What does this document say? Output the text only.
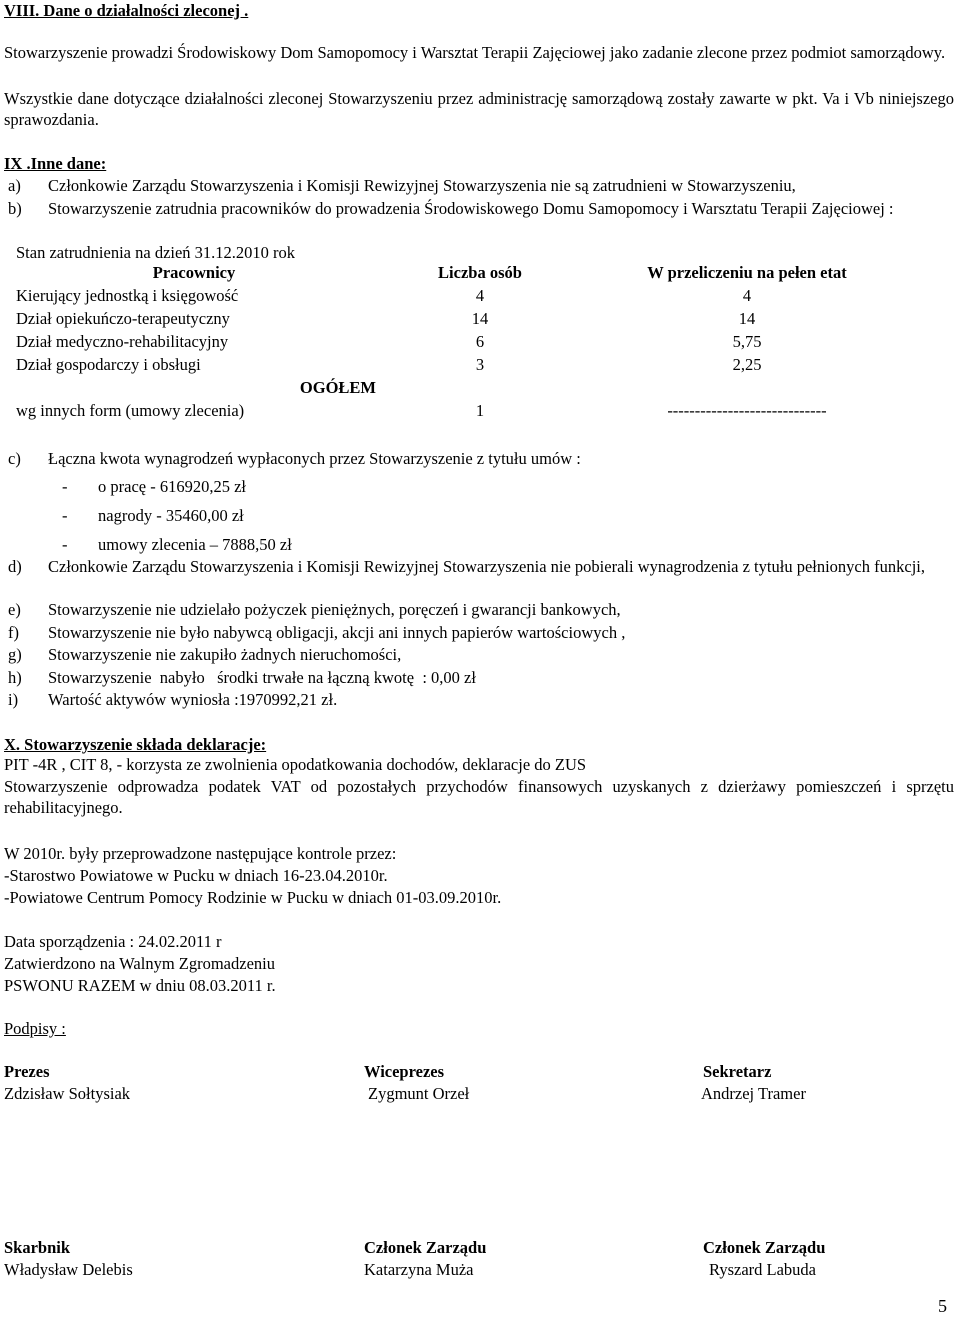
VIII. Dane o działalności zleconej .
Stowarzyszenie prowadzi Środowiskowy Dom Samopomocy i Warsztat Terapii Zajęciowej jako zadanie zlecone przez podmiot samorządowy.
Wszystkie dane dotyczące działalności zleconej Stowarzyszeniu przez administrację samorządową zostały zawarte w pkt. Va i Vb niniejszego sprawozdania.
IX .Inne dane:
a)	Członkowie Zarządu Stowarzyszenia i Komisji Rewizyjnej Stowarzyszenia nie są zatrudnieni w Stowarzyszeniu,
b)	Stowarzyszenie zatrudnia pracowników do prowadzenia Środowiskowego Domu Samopomocy i Warsztatu Terapii Zajęciowej :
Stan zatrudnienia na dzień 31.12.2010 rok
Pracownicy	Liczba osób	W przeliczeniu na pełen etat
Kierujący jednostką i księgowość	4	4
Dział opiekuńczo-terapeutyczny	14	14
Dział medyczno-rehabilitacyjny	6	5,75
Dział gospodarczy i obsługi	3	2,25
OGÓŁEM		
wg innych form (umowy zlecenia)	1	-----------------------------
c)	Łączna kwota wynagrodzeń wypłaconych przez Stowarzyszenie z tytułu umów :
- o pracę - 616920,25 zł
- nagrody - 35460,00 zł
- umowy zlecenia – 7888,50 zł
d)	Członkowie Zarządu Stowarzyszenia i Komisji Rewizyjnej Stowarzyszenia nie pobierali wynagrodzenia z tytułu pełnionych funkcji,
e)	Stowarzyszenie nie udzielało pożyczek pieniężnych, poręczeń i gwarancji bankowych,
f)	Stowarzyszenie nie było nabywcą obligacji, akcji ani innych papierów wartościowych ,
g)	Stowarzyszenie nie zakupiło żadnych nieruchomości,
h)	Stowarzyszenie  nabyło   środki trwałe na łączną kwotę  : 0,00 zł
i)	Wartość aktywów wyniosła :1970992,21 zł.
X. Stowarzyszenie składa deklaracje:
PIT -4R , CIT 8, - korzysta ze zwolnienia opodatkowania dochodów, deklaracje do ZUS
Stowarzyszenie odprowadza podatek VAT od pozostałych przychodów finansowych uzyskanych z dzierżawy pomieszczeń i sprzętu rehabilitacyjnego.
W 2010r. były przeprowadzone następujące kontrole przez:
-Starostwo Powiatowe w Pucku w dniach 16-23.04.2010r.
-Powiatowe Centrum Pomocy Rodzinie w Pucku w dniach 01-03.09.2010r.
Data sporządzenia : 24.02.2011 r
Zatwierdzono na Walnym Zgromadzeniu
PSWONU RAZEM w dniu 08.03.2011 r.
Podpisy :
Prezes
Zdzisław Sołtysiak
Wiceprezes
Zygmunt Orzeł
Sekretarz
Andrzej Tramer
Skarbnik
Władysław Delebis
Członek Zarządu
Katarzyna Muża
Członek Zarządu
Ryszard Labuda
5
